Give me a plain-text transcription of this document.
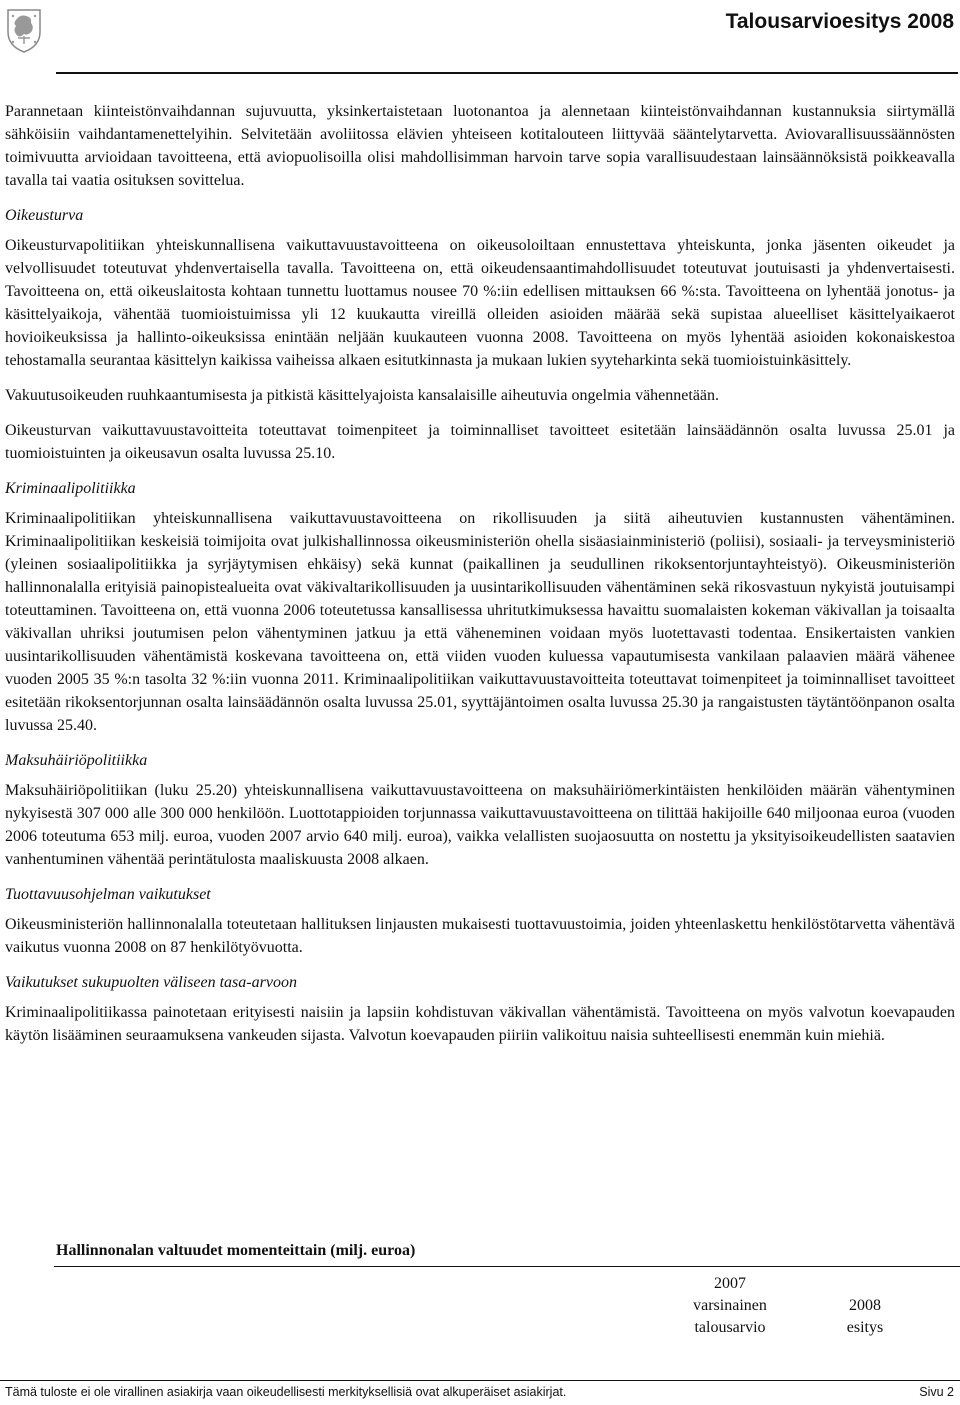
Talousarvioesitys 2008

Parannetaan kiinteistönvaihdannan sujuvuutta, yksinkertaistetaan luotonantoa ja alennetaan kiinteistönvaihdannan kustannuksia siirtymällä sähköisiin vaihdantamenettelyihin. Selvitetään avoliitossa elävien yhteiseen kotitalouteen liittyvää sääntelytarvetta. Aviovarallisuussäännösten toimivuutta arvioidaan tavoitteena, että aviopuolisoilla olisi mahdollisimman harvoin tarve sopia varallisuudestaan lainsäännöksistä poikkeavalla tavalla tai vaatia osituksen sovittelua.

Oikeusturva

Oikeusturvapolitiikan yhteiskunnallisena vaikuttavuustavoitteena on oikeusoloiltaan ennustettava yhteiskunta, jonka jäsenten oikeudet ja velvollisuudet toteutuvat yhdenvertaisella tavalla. Tavoitteena on, että oikeudensaantimahdollisuudet toteutuvat joutuisasti ja yhdenvertaisesti. Tavoitteena on, että oikeuslaitosta kohtaan tunnettu luottamus nousee 70 %:iin edellisen mittauksen 66 %:sta. Tavoitteena on lyhentää jonotus- ja käsittelyaikoja, vähentää tuomioistuimissa yli 12 kuukautta vireillä olleiden asioiden määrää sekä supistaa alueelliset käsittelyaikaerot hovioikeuksissa ja hallinto-oikeuksissa enintään neljään kuukauteen vuonna 2008. Tavoitteena on myös lyhentää asioiden kokonaiskestoa tehostamalla seurantaa käsittelyn kaikissa vaiheissa alkaen esitutkinnasta ja mukaan lukien syyteharkinta sekä tuomioistuinkäsittely.

Vakuutusoikeuden ruuhkaantumisesta ja pitkistä käsittelyajoista kansalaisille aiheutuvia ongelmia vähennetään.

Oikeusturvan vaikuttavuustavoitteita toteuttavat toimenpiteet ja toiminnalliset tavoitteet esitetään lainsäädännön osalta luvussa 25.01 ja tuomioistuinten ja oikeusavun osalta luvussa 25.10.

Kriminaalipolitiikka

Kriminaalipolitiikan yhteiskunnallisena vaikuttavuustavoitteena on rikollisuuden ja siitä aiheutuvien kustannusten vähentäminen. Kriminaalipolitiikan keskeisiä toimijoita ovat julkishallinnossa oikeusministeriön ohella sisäasiainministeriö (poliisi), sosiaali- ja terveysministeriö (yleinen sosiaalipolitiikka ja syrjäytymisen ehkäisy) sekä kunnat (paikallinen ja seudullinen rikoksentorjuntayhteistyö). Oikeusministeriön hallinnonalalla erityisiä painopistealueita ovat väkivaltarikollisuuden ja uusintarikollisuuden vähentäminen sekä rikosvastuun nykyistä joutuisampi toteuttaminen. Tavoitteena on, että vuonna 2006 toteutetussa kansallisessa uhritutkimuksessa havaittu suomalaisten kokeman väkivallan ja toisaalta väkivallan uhriksi joutumisen pelon vähentyminen jatkuu ja että väheneminen voidaan myös luotettavasti todentaa. Ensikertaisten vankien uusintarikollisuuden vähentämistä koskevana tavoitteena on, että viiden vuoden kuluessa vapautumisesta vankilaan palaavien määrä vähenee vuoden 2005 35 %:n tasolta 32 %:iin vuonna 2011. Kriminaalipolitiikan vaikuttavuustavoitteita toteuttavat toimenpiteet ja toiminnalliset tavoitteet esitetään rikoksentorjunnan osalta lainsäädännön osalta luvussa 25.01, syyttäjäntoimen osalta luvussa 25.30 ja rangaistusten täytäntöönpanon osalta luvussa 25.40.

Maksuhäiriöpolitiikka

Maksuhäiriöpolitiikan (luku 25.20) yhteiskunnallisena vaikuttavuustavoitteena on maksuhäiriömerkintäisten henkilöiden määrän vähentyminen nykyisestä 307 000 alle 300 000 henkilöön. Luottotappioiden torjunnassa vaikuttavuustavoitteena on tilittää hakijoille 640 miljoonaa euroa (vuoden 2006 toteutuma 653 milj. euroa, vuoden 2007 arvio 640 milj. euroa), vaikka velallisten suojaosuutta on nostettu ja yksityisoikeudellisten saatavien vanhentuminen vähentää perintätulosta maaliskuusta 2008 alkaen.

Tuottavuusohjelman vaikutukset

Oikeusministeriön hallinnonalalla toteutetaan hallituksen linjausten mukaisesti tuottavuustoimia, joiden yhteenlaskettu henkilöstötarvetta vähentävä vaikutus vuonna 2008 on 87 henkilötyövuotta.

Vaikutukset sukupuolten väliseen tasa-arvoon

Kriminaalipolitiikassa painotetaan erityisesti naisiin ja lapsiin kohdistuvan väkivallan vähentämistä. Tavoitteena on myös valvotun koevapauden käytön lisääminen seuraamuksena vankeuden sijasta. Valvotun koevapauden piiriin valikoituu naisia suhteellisesti enemmän kuin miehiä.

Hallinnonalan valtuudet momenteittain (milj. euroa)
2007
varsinainen
talousarvio
2008
esitys
Tämä tuloste ei ole virallinen asiakirja vaan oikeudellisesti merkityksellisiä ovat alkuperäiset asiakirjat.	Sivu 2
